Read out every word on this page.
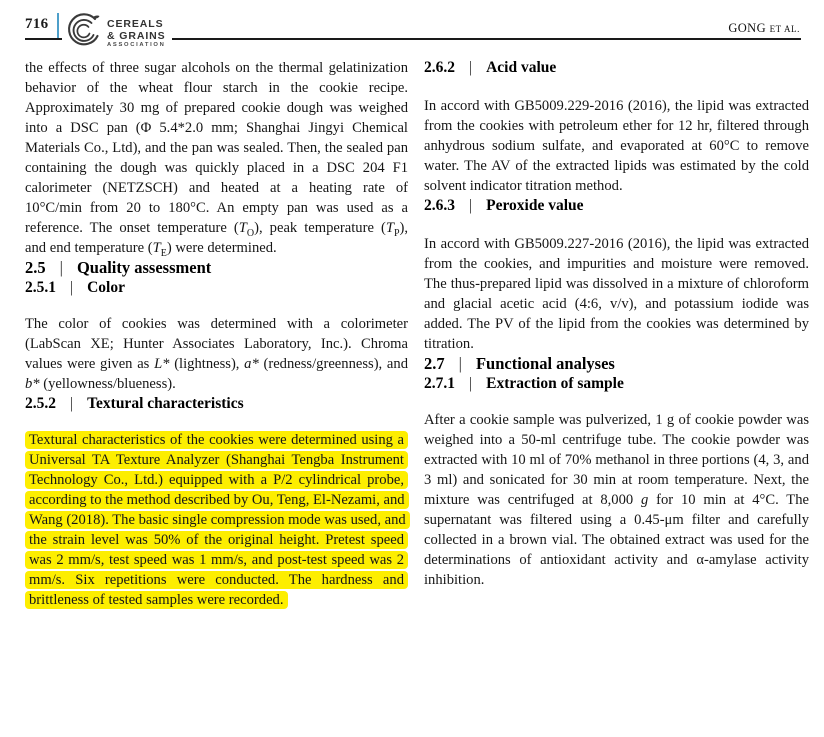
716	CEREALS
& GRAINS
ASSOCIATION
GONG ET AL.

the effects of three sugar alcohols on the thermal gelatinization behavior of the wheat flour starch in the cookie recipe. Approximately 30 mg of prepared cookie dough was weighed into a DSC pan (Φ 5.4*2.0 mm; Shanghai Jingyi Chemical Materials Co., Ltd), and the pan was sealed. Then, the sealed pan containing the dough was quickly placed in a DSC 204 F1 calorimeter (NETZSCH) and heated at a heating rate of 10°C/min from 20 to 180°C. An empty pan was used as a reference. The onset temperature $(T_O)$, peak temperature $(T_P)$, and end temperature $(T_E)$ were determined.

2.5 | Quality assessment
2.5.1 | Color

The color of cookies was determined with a colorimeter (LabScan XE; Hunter Associates Laboratory, Inc.). Chroma values were given as L* (lightness), a* (redness/greenness), and b* (yellowness/blueness).

2.5.2 | Textural characteristics

Textural characteristics of the cookies were determined using a Universal TA Texture Analyzer (Shanghai Tengba Instrument Technology Co., Ltd.) equipped with a P/2 cylindrical probe, according to the method described by Ou, Teng, El-Nezami, and Wang (2018). The basic single compression mode was used, and the strain level was 50% of the original height. Pretest speed was 2 mm/s, test speed was 1 mm/s, and post-test speed was 2 mm/s. Six repetitions were conducted. The hardness and brittleness of tested samples were recorded.

2.6.2 | Acid value

In accord with GB5009.229-2016 (2016), the lipid was extracted from the cookies with petroleum ether for 12 hr, filtered through anhydrous sodium sulfate, and evaporated at 60°C to remove water. The AV of the extracted lipids was estimated by the cold solvent indicator titration method.

2.6.3 | Peroxide value

In accord with GB5009.227-2016 (2016), the lipid was extracted from the cookies, and impurities and moisture were removed. The thus-prepared lipid was dissolved in a mixture of chloroform and glacial acetic acid (4:6, v/v), and potassium iodide was added. The PV of the lipid from the cookies was determined by titration.

2.7 | Functional analyses
2.7.1 | Extraction of sample

After a cookie sample was pulverized, 1 g of cookie powder was weighed into a 50-ml centrifuge tube. The cookie powder was extracted with 10 ml of 70% methanol in three portions (4, 3, and 3 ml) and sonicated for 30 min at room temperature. Next, the mixture was centrifuged at 8,000 g for 10 min at 4°C. The supernatant was filtered using a 0.45-μm filter and carefully collected in a brown vial. The obtained extract was used for the determinations of antioxidant activity and α-amylase activity inhibition.
